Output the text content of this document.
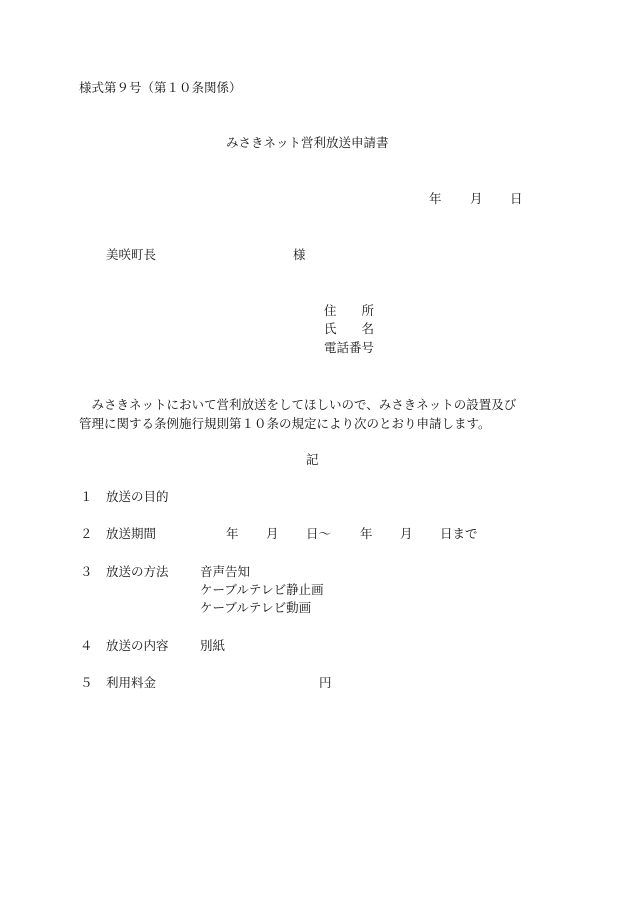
様式第９号（第１０条関係）

みさきネット営利放送申請書

年 月 日

美咲町長	様

住　　所

氏　　名

電話番号

　みさきネットにおいて営利放送をしてほしいので、みさきネットの設置及び

管理に関する条例施行規則第１０条の規定により次のとおり申請します。

記

１ 放送の目的

２ 放送期間	年 月 日～ 年 月 日まで

３ 放送の方法	音声告知

ケーブルテレビ静止画

ケーブルテレビ動画

４ 放送の内容	別紙

５ 利用料金	円
